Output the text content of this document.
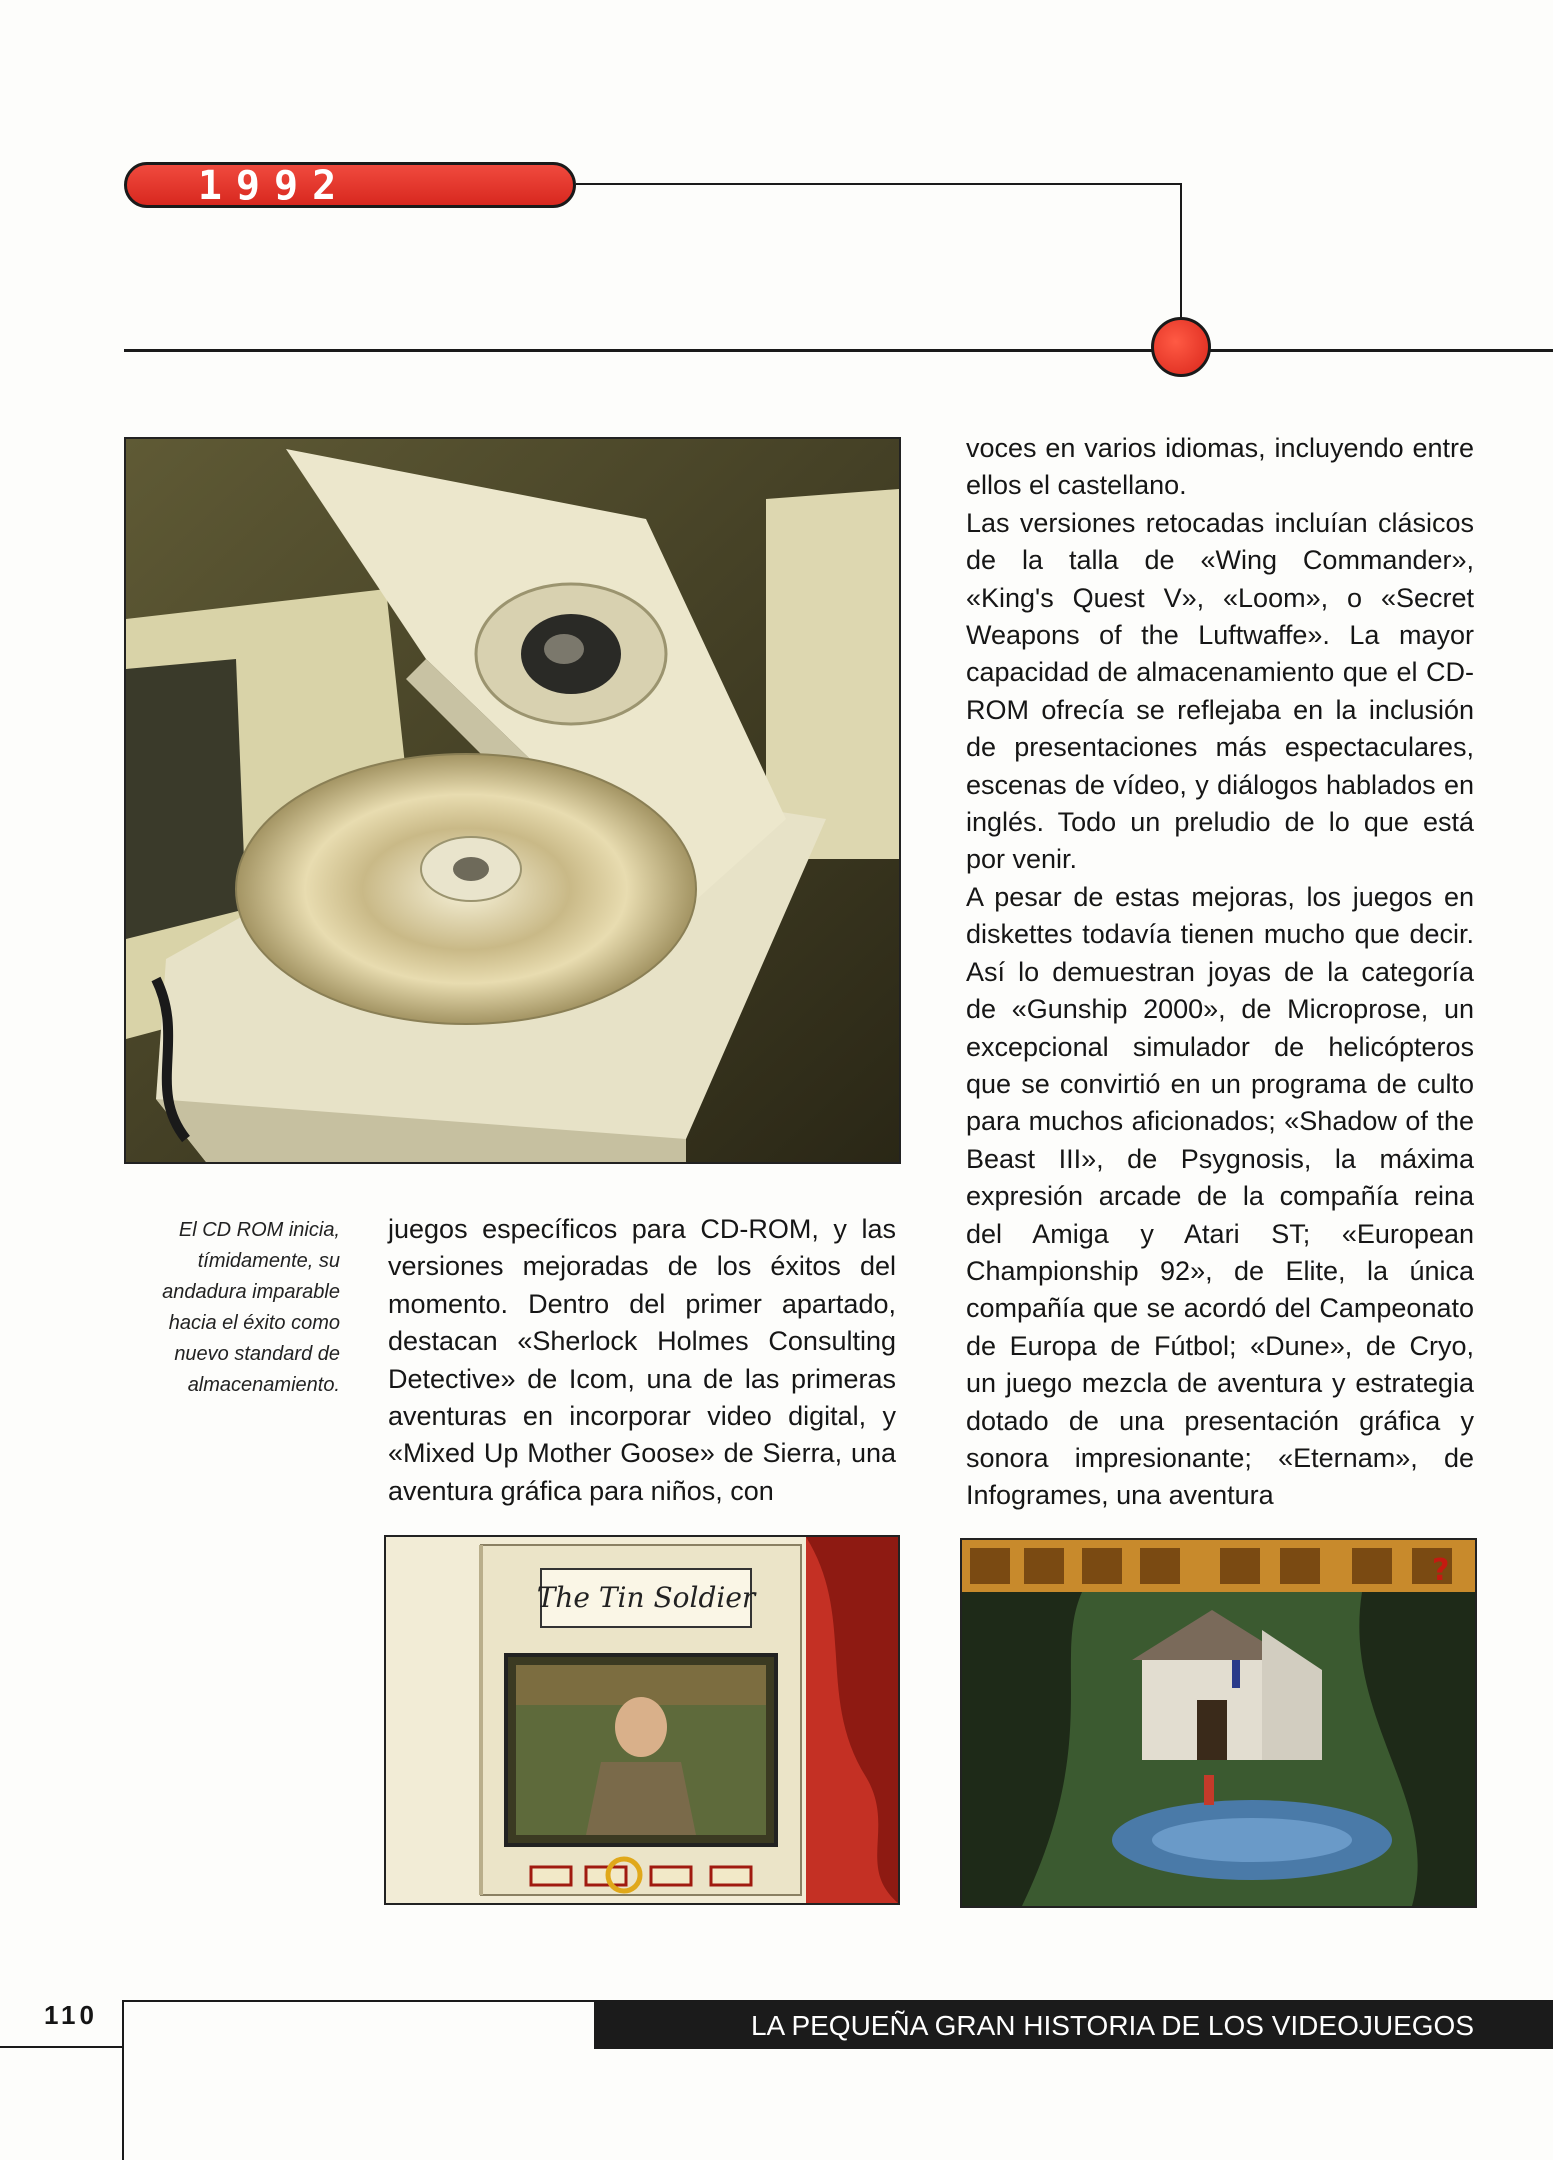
1992
El CD ROM inicia, tímidamente, su andadura imparable hacia el éxito como nuevo standard de almacenamiento.

juegos específicos para CD-ROM, y las versiones mejoradas de los éxitos del momento. Dentro del primer apartado, destacan «Sherlock Holmes Consulting Detective» de Icom, una de las primeras aventuras en incorporar video digital, y «Mixed Up Mother Goose» de Sierra, una aventura gráfica para niños, con

voces en varios idiomas, incluyendo entre ellos el castellano.

Las versiones retocadas incluían clásicos de la talla de «Wing Commander», «King's Quest V», «Loom», o «Secret Weapons of the Luftwaffe». La mayor capacidad de almacenamiento que el CD-ROM ofrecía se reflejaba en la inclusión de presentaciones más espectaculares, escenas de vídeo, y diálogos hablados en inglés. Todo un preludio de lo que está por venir.

A pesar de estas mejoras, los juegos en diskettes todavía tienen mucho que decir. Así lo demuestran joyas de la categoría de «Gunship 2000», de Microprose, un excepcional simulador de helicópteros que se convirtió en un programa de culto para muchos aficionados; «Shadow of the Beast III», de Psygnosis, la máxima expresión arcade de la compañía reina del Amiga y Atari ST; «European Championship 92», de Elite, la única compañía que se acordó del Campeonato de Europa de Fútbol; «Dune», de Cryo, un juego mezcla de aventura y estrategia dotado de una presentación gráfica y sonora impresionante; «Eternam», de Infogrames, una aventura

The Tin Soldier
?
110	LA PEQUEÑA GRAN HISTORIA DE LOS VIDEOJUEGOS
